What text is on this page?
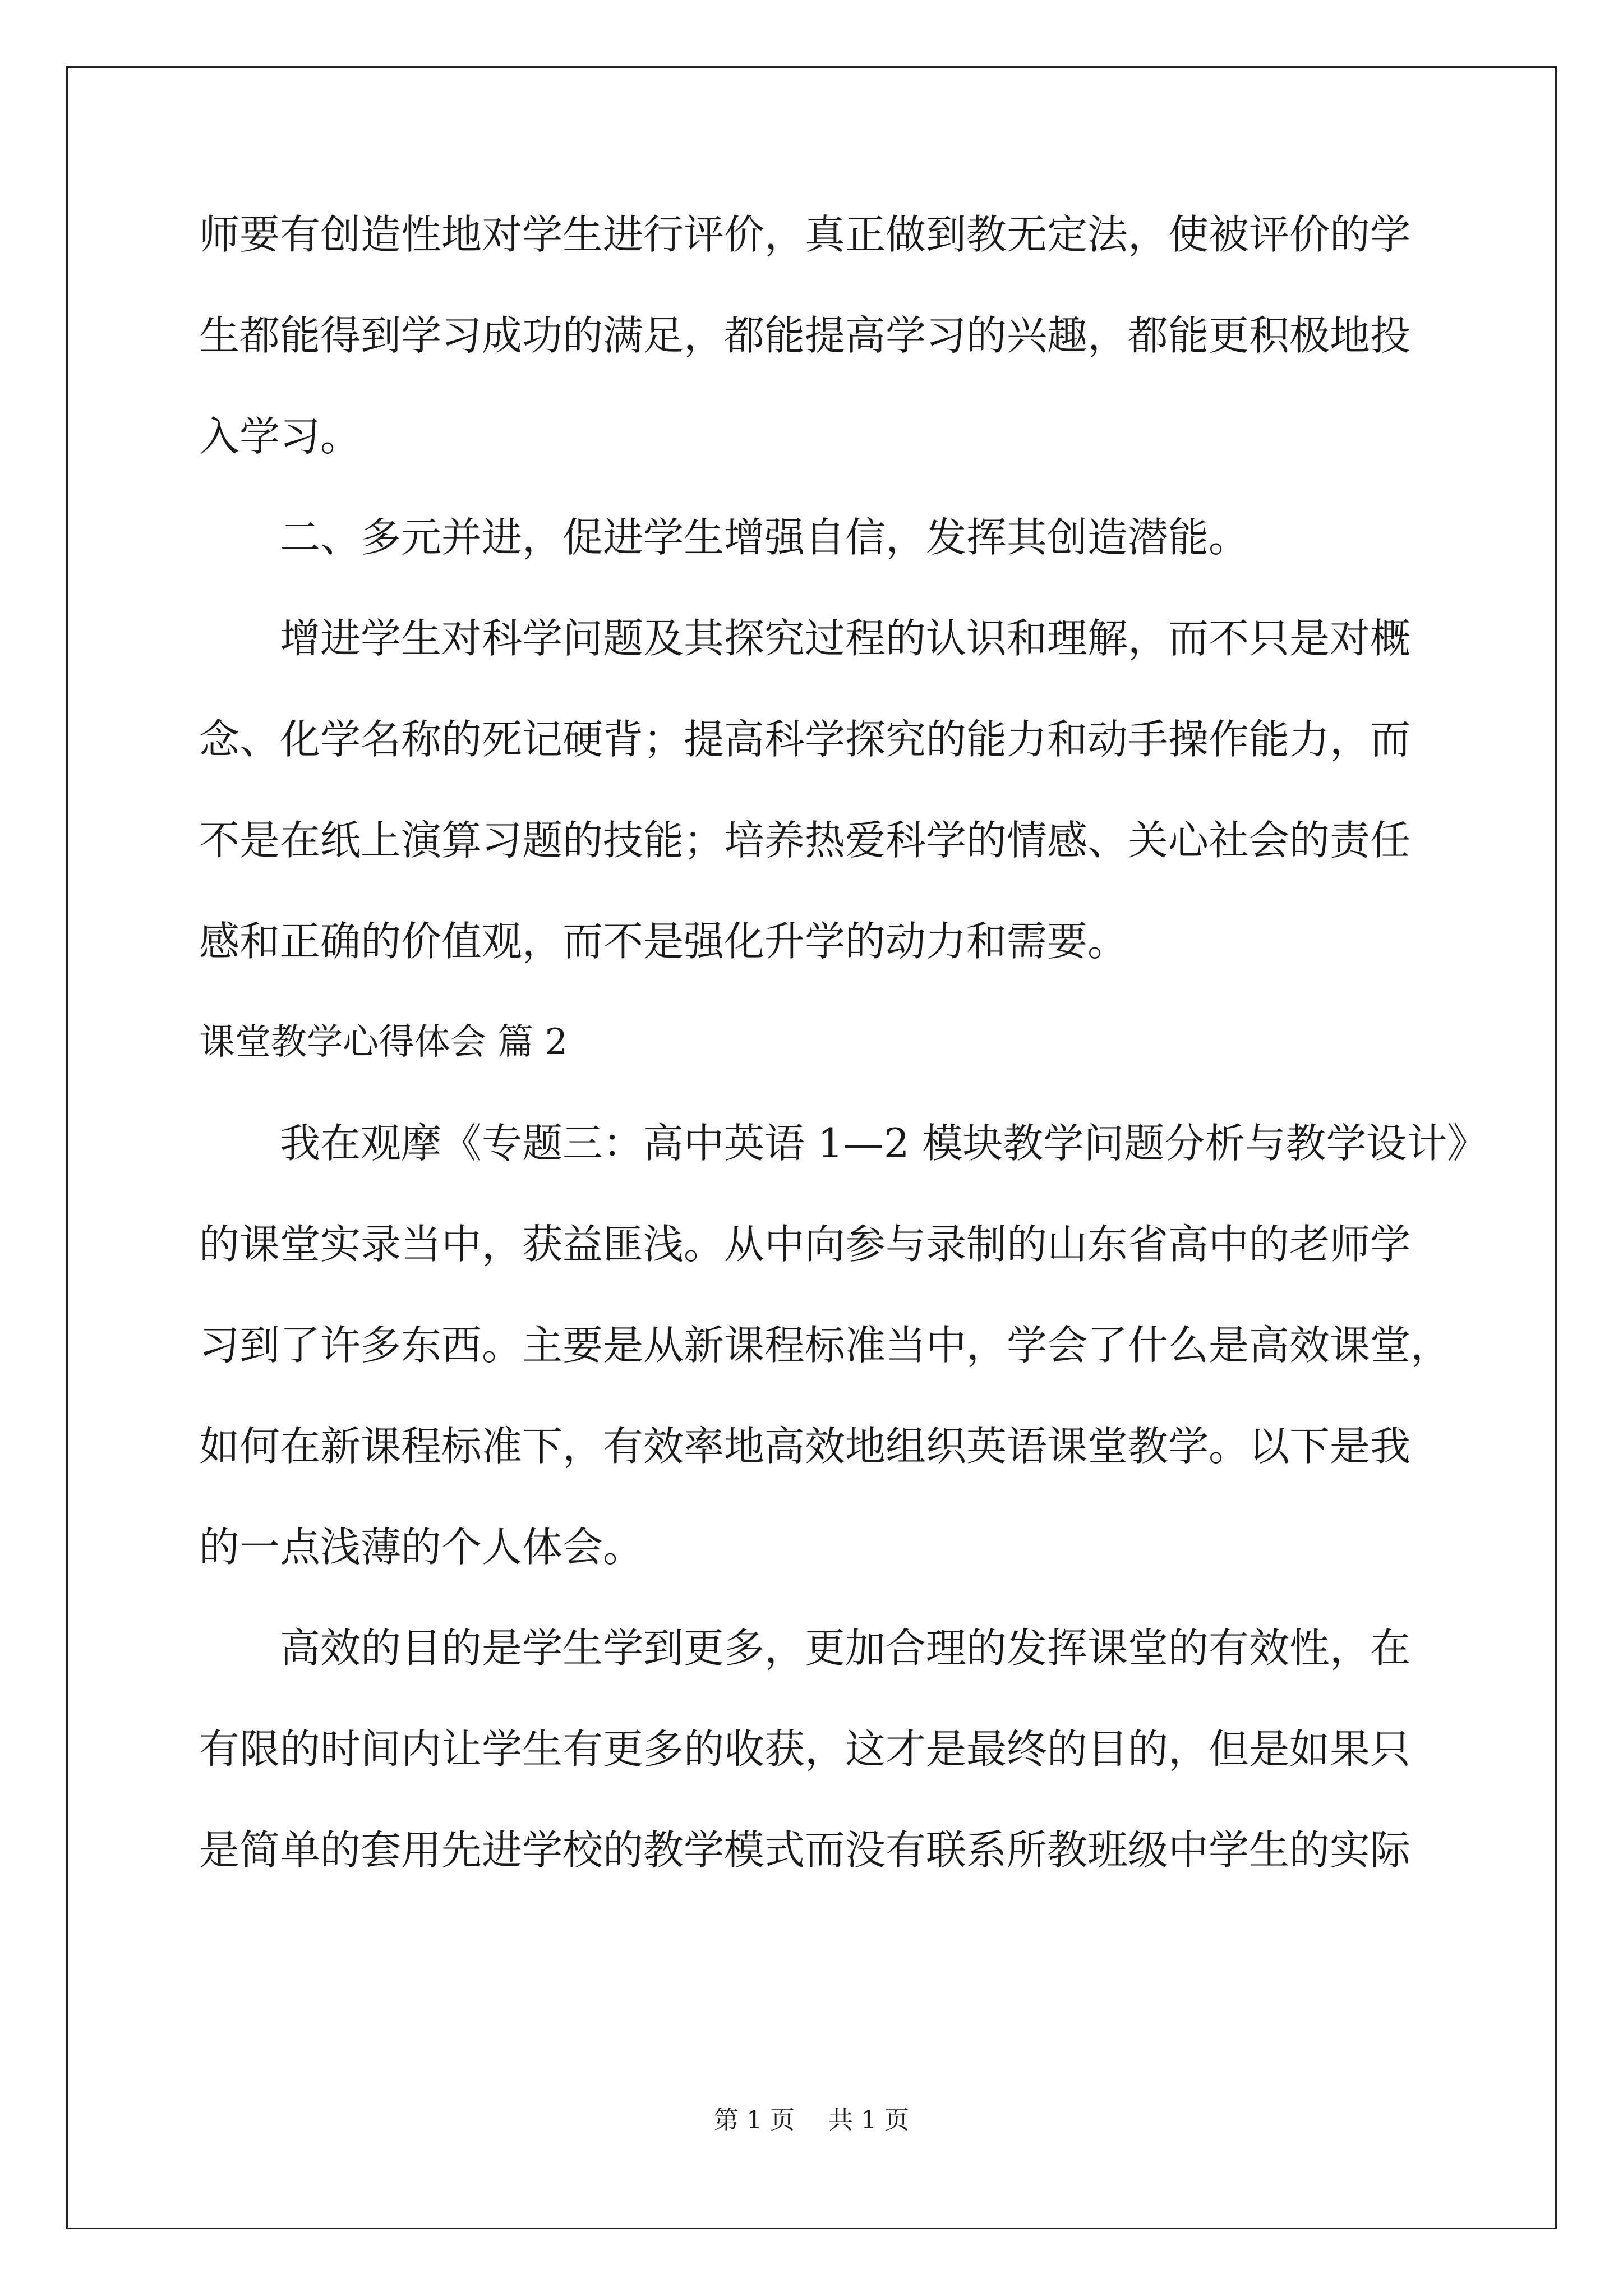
师要有创造性地对学生进行评价，真正做到教无定法，使被评价的学

生都能得到学习成功的满足，都能提高学习的兴趣，都能更积极地投

入学习。

二、多元并进，促进学生增强自信，发挥其创造潜能。

增进学生对科学问题及其探究过程的认识和理解，而不只是对概

念、化学名称的死记硬背；提高科学探究的能力和动手操作能力，而

不是在纸上演算习题的技能；培养热爱科学的情感、关心社会的责任

感和正确的价值观，而不是强化升学的动力和需要。

课堂教学心得体会 篇 2

我在观摩《专题三：高中英语 1—2 模块教学问题分析与教学设计》

的课堂实录当中，获益匪浅。从中向参与录制的山东省高中的老师学

习到了许多东西。主要是从新课程标准当中，学会了什么是高效课堂，

如何在新课程标准下，有效率地高效地组织英语课堂教学。以下是我

的一点浅薄的个人体会。

高效的目的是学生学到更多，更加合理的发挥课堂的有效性，在

有限的时间内让学生有更多的收获，这才是最终的目的，但是如果只

是简单的套用先进学校的教学模式而没有联系所教班级中学生的实际

第 1 页 共 1 页
